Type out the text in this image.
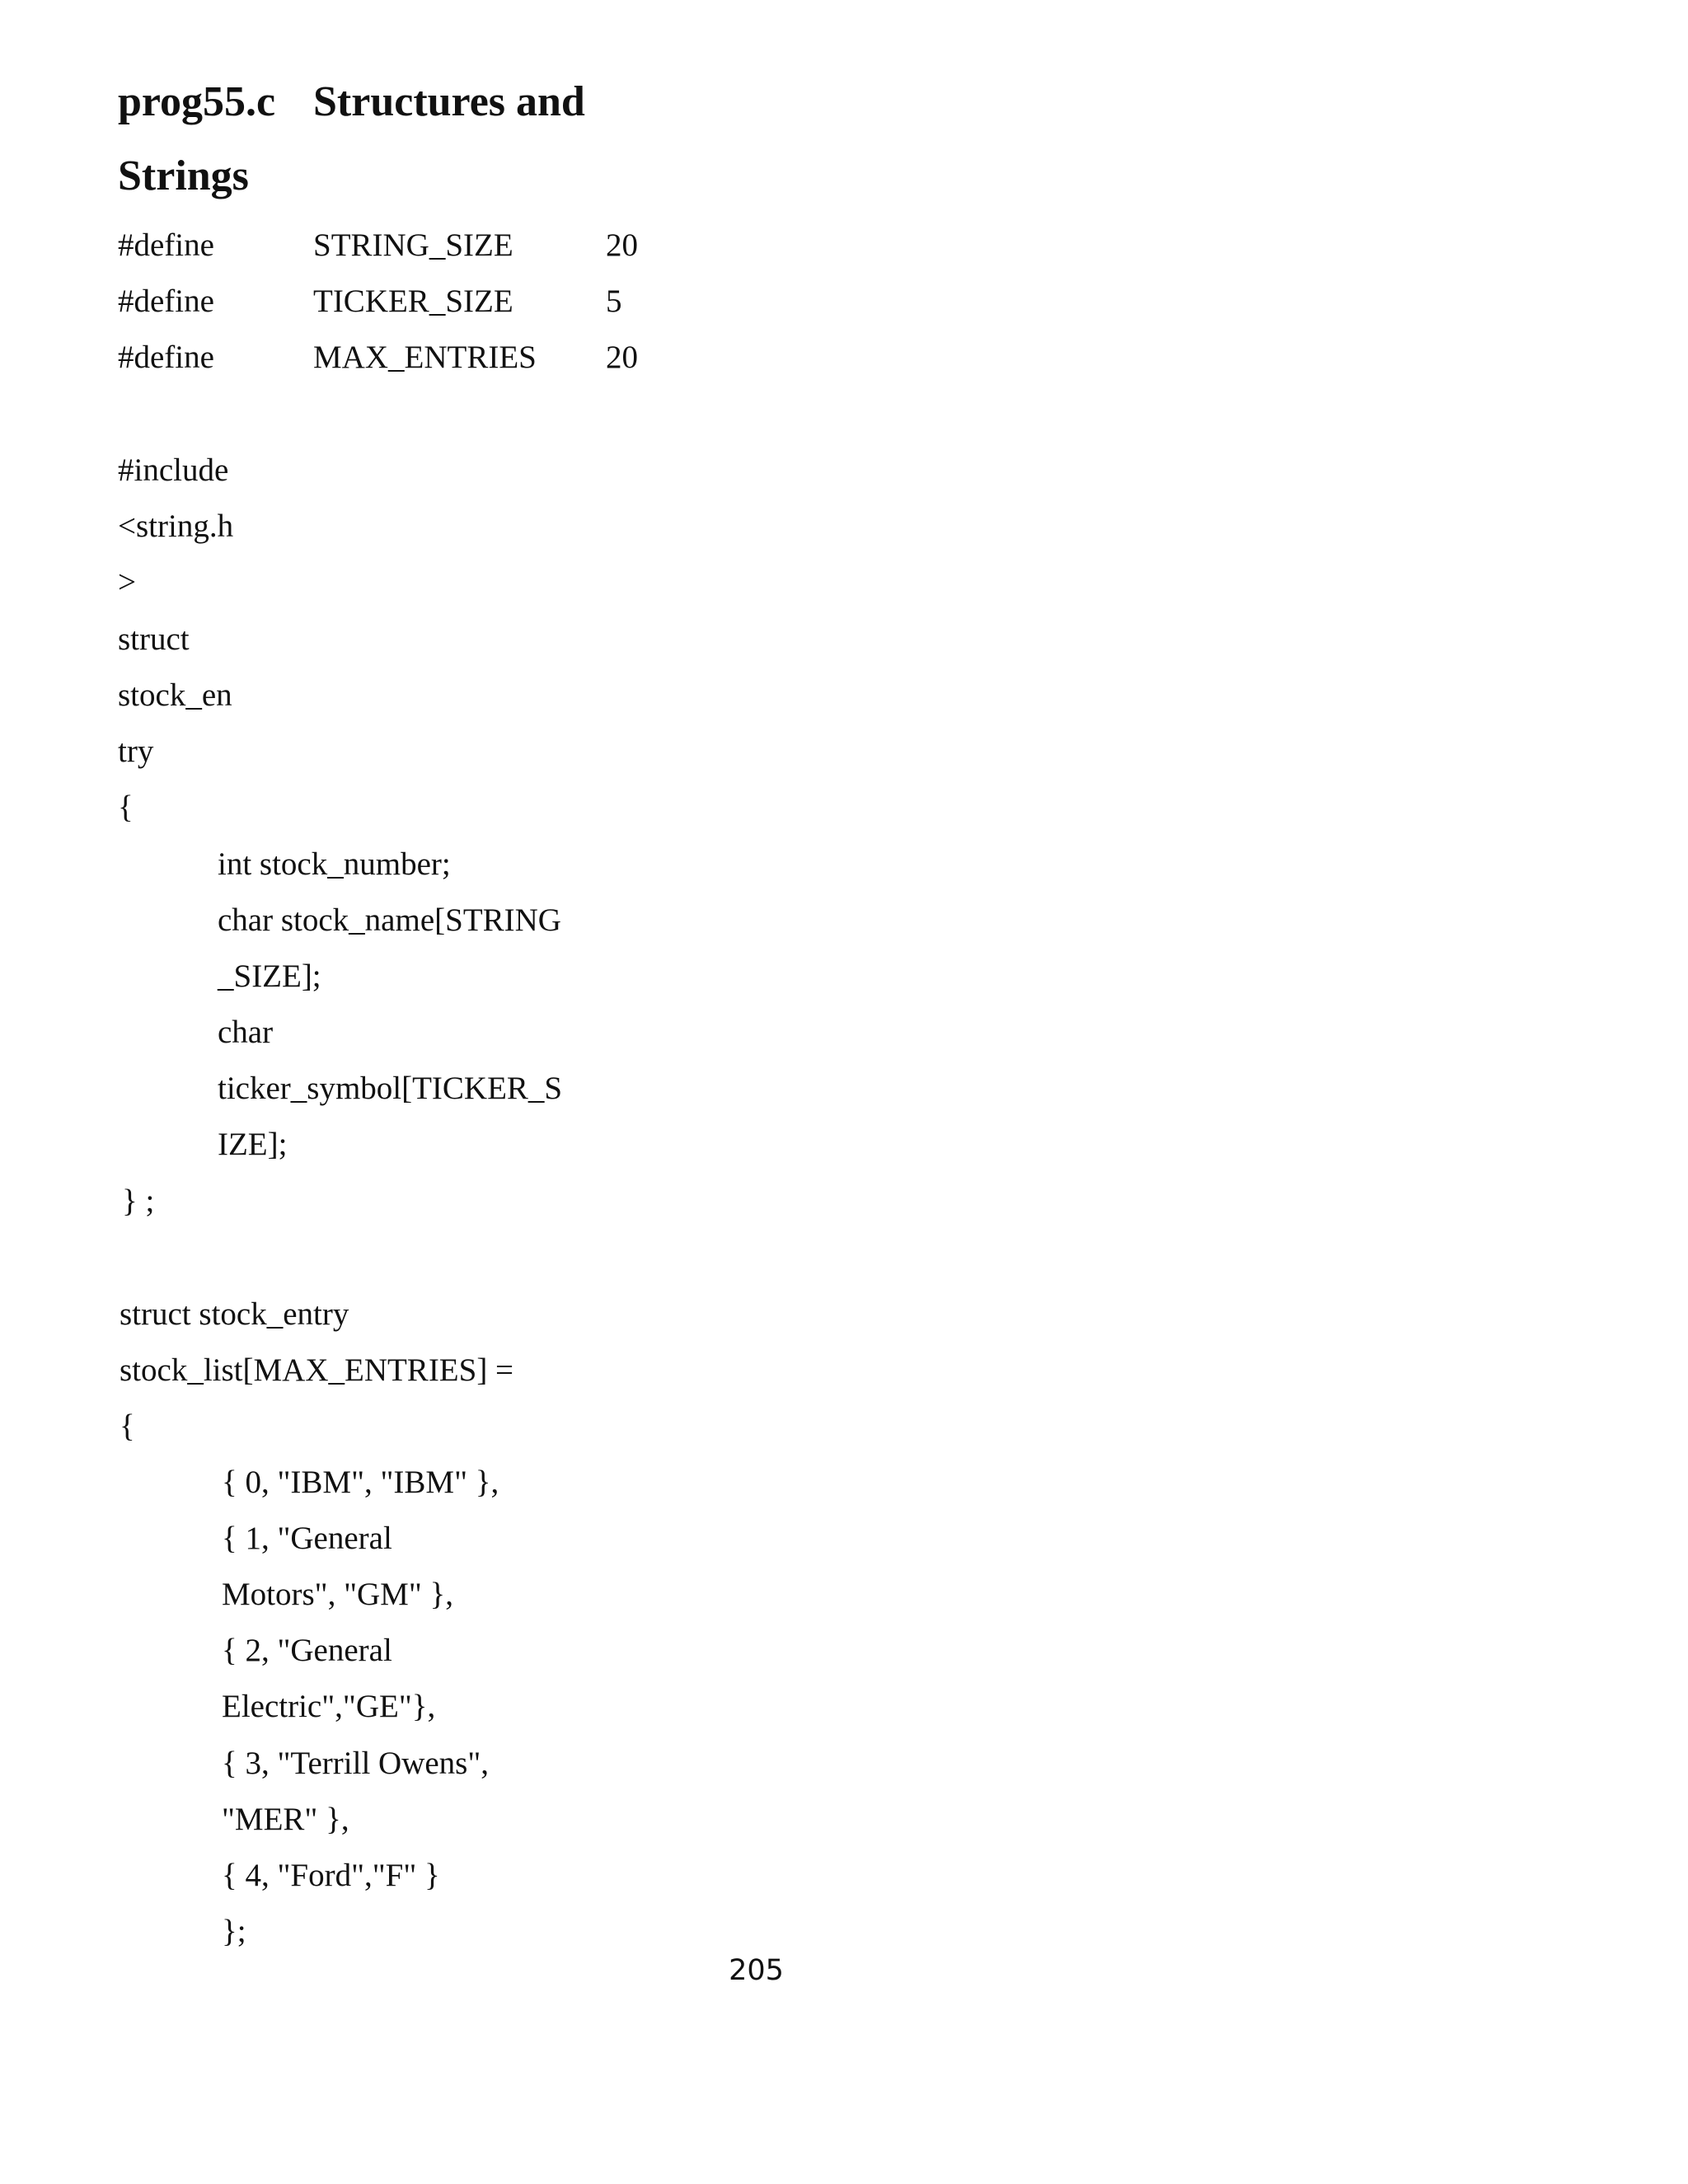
prog55.c Structures and
Strings
#define	STRING_SIZE	20
#define	TICKER_SIZE	5
#define	MAX_ENTRIES 20
#include
<string.h
>
struct
stock_en
try
{
int stock_number;
char stock_name[STRING
_SIZE];
char
ticker_symbol[TICKER_S
IZE];
} ;
struct stock_entry
stock_list[MAX_ENTRIES] =
{
{ 0, "IBM", "IBM" },
{ 1, "General
Motors", "GM" },
{ 2, "General
Electric","GE"},
{ 3, "Terrill Owens",
"MER" },
{ 4, "Ford","F" }
};
205
